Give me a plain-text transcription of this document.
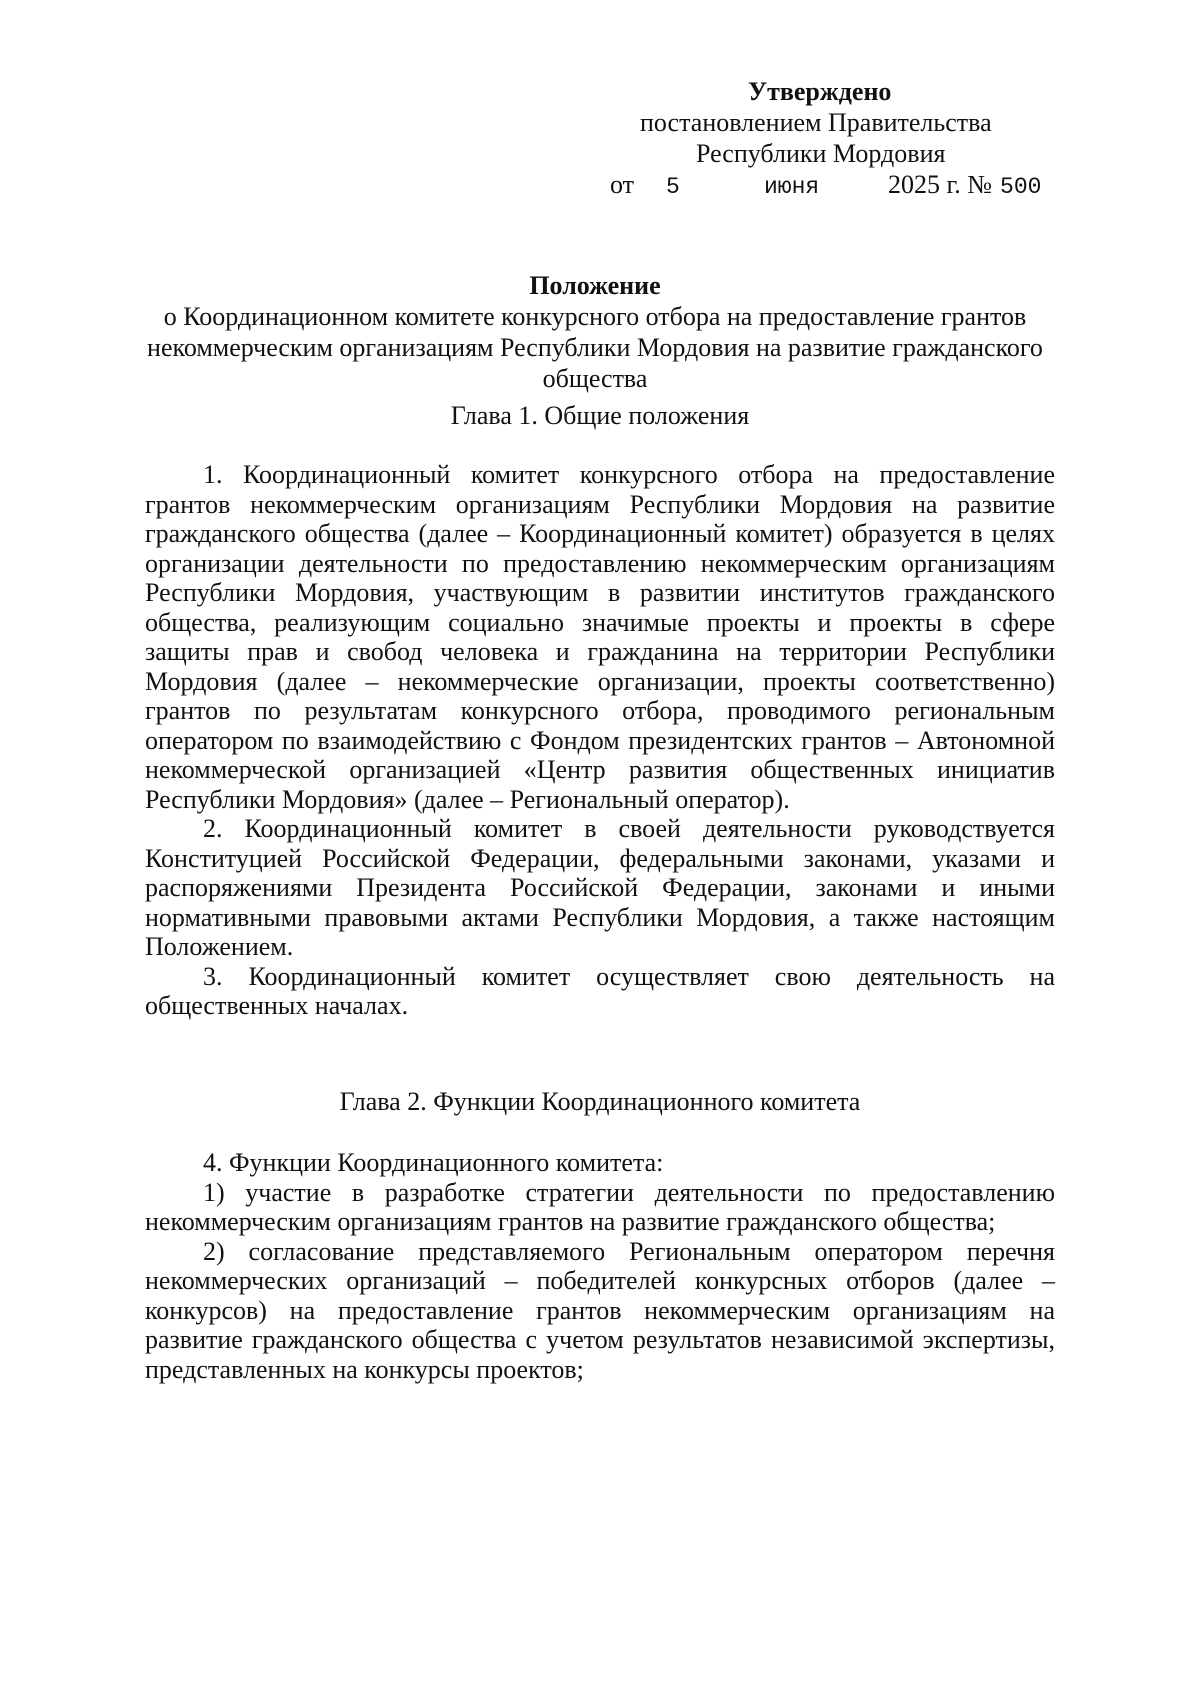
Утверждено
постановлением Правительства
Республики Мордовия
от	5	июня	2025 г. № 500
Положение
о Координационном комитете конкурсного отбора на предоставление грантов некоммерческим организациям Республики Мордовия на развитие гражданского общества
Глава 1. Общие положения

1. Координационный комитет конкурсного отбора на предоставление грантов некоммерческим организациям Республики Мордовия на развитие гражданского общества (далее – Координационный комитет) образуется в целях организации деятельности по предоставлению некоммерческим организациям Республики Мордовия, участвующим в развитии институтов гражданского общества, реализующим социально значимые проекты и проекты в сфере защиты прав и свобод человека и гражданина на территории Республики Мордовия (далее – некоммерческие организации, проекты соответственно) грантов по результатам конкурсного отбора, проводимого региональным оператором по взаимодействию с Фондом президентских грантов – Автономной некоммерческой организацией «Центр развития общественных инициатив Республики Мордовия» (далее – Региональный оператор).

2. Координационный комитет в своей деятельности руководствуется Конституцией Российской Федерации, федеральными законами, указами и распоряжениями Президента Российской Федерации, законами и иными нормативными правовыми актами Республики Мордовия, а также настоящим Положением.

3. Координационный комитет осуществляет свою деятельность на общественных началах.

Глава 2. Функции Координационного комитета

4. Функции Координационного комитета:

1) участие в разработке стратегии деятельности по предоставлению некоммерческим организациям грантов на развитие гражданского общества;

2) согласование представляемого Региональным оператором перечня некоммерческих организаций – победителей конкурсных отборов (далее – конкурсов) на предоставление грантов некоммерческим организациям на развитие гражданского общества с учетом результатов независимой экспертизы, представленных на конкурсы проектов;
